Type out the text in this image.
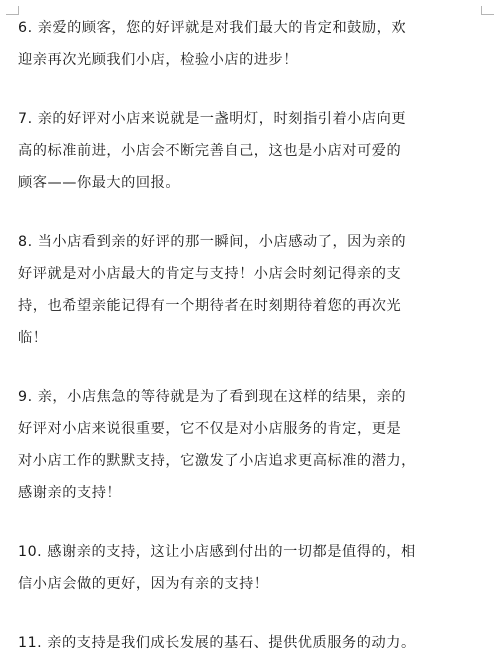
6. 亲爱的顾客，您的好评就是对我们最大的肯定和鼓励，欢
迎亲再次光顾我们小店，检验小店的进步！

7. 亲的好评对小店来说就是一盏明灯，时刻指引着小店向更
高的标准前进，小店会不断完善自己，这也是小店对可爱的
顾客——你最大的回报。

8. 当小店看到亲的好评的那一瞬间，小店感动了，因为亲的
好评就是对小店最大的肯定与支持！小店会时刻记得亲的支
持，也希望亲能记得有一个期待者在时刻期待着您的再次光
临！

9. 亲，小店焦急的等待就是为了看到现在这样的结果，亲的
好评对小店来说很重要，它不仅是对小店服务的肯定，更是
对小店工作的默默支持，它激发了小店追求更高标准的潜力，
感谢亲的支持！

10. 感谢亲的支持，这让小店感到付出的一切都是值得的，相
信小店会做的更好，因为有亲的支持！

11. 亲的支持是我们成长发展的基石、提供优质服务的动力。
